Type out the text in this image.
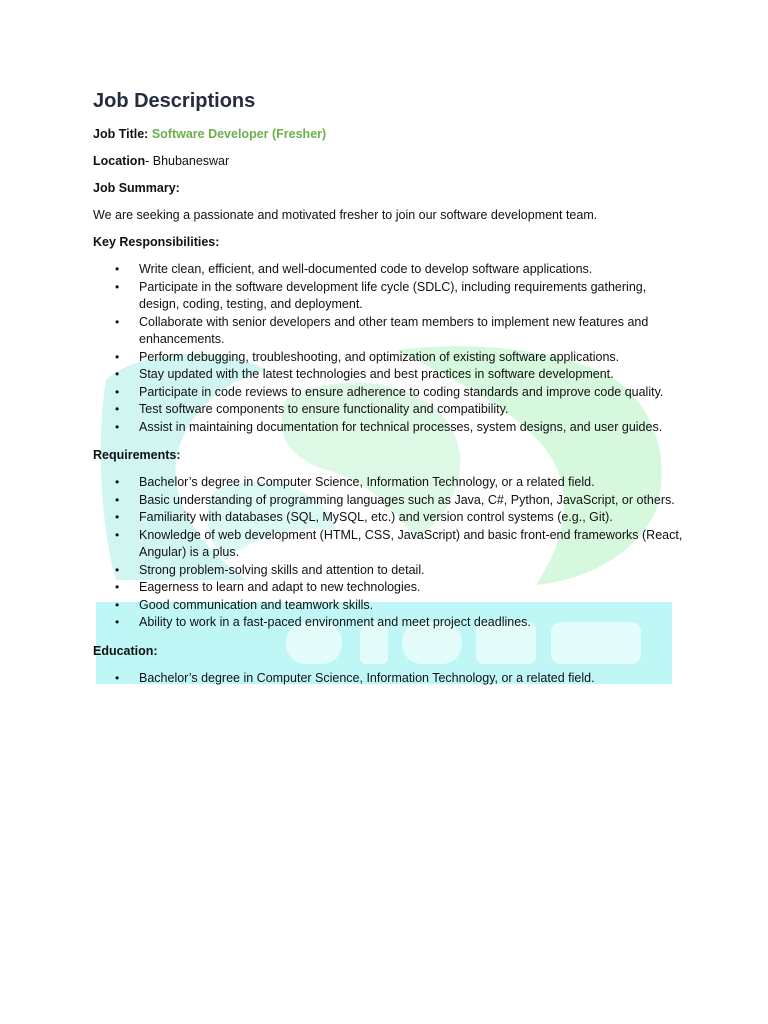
Job Descriptions

Job Title: Software Developer (Fresher)

Location- Bhubaneswar

Job Summary:

We are seeking a passionate and motivated fresher to join our software development team.

Key Responsibilities:

• Write clean, efficient, and well-documented code to develop software applications.
• Participate in the software development life cycle (SDLC), including requirements gathering, design, coding, testing, and deployment.
• Collaborate with senior developers and other team members to implement new features and enhancements.
• Perform debugging, troubleshooting, and optimization of existing software applications.
• Stay updated with the latest technologies and best practices in software development.
• Participate in code reviews to ensure adherence to coding standards and improve code quality.
• Test software components to ensure functionality and compatibility.
• Assist in maintaining documentation for technical processes, system designs, and user guides.

Requirements:

• Bachelor’s degree in Computer Science, Information Technology, or a related field.
• Basic understanding of programming languages such as Java, C#, Python, JavaScript, or others.
• Familiarity with databases (SQL, MySQL, etc.) and version control systems (e.g., Git).
• Knowledge of web development (HTML, CSS, JavaScript) and basic front-end frameworks (React, Angular) is a plus.
• Strong problem-solving skills and attention to detail.
• Eagerness to learn and adapt to new technologies.
• Good communication and teamwork skills.
• Ability to work in a fast-paced environment and meet project deadlines.

Education:

• Bachelor’s degree in Computer Science, Information Technology, or a related field.
